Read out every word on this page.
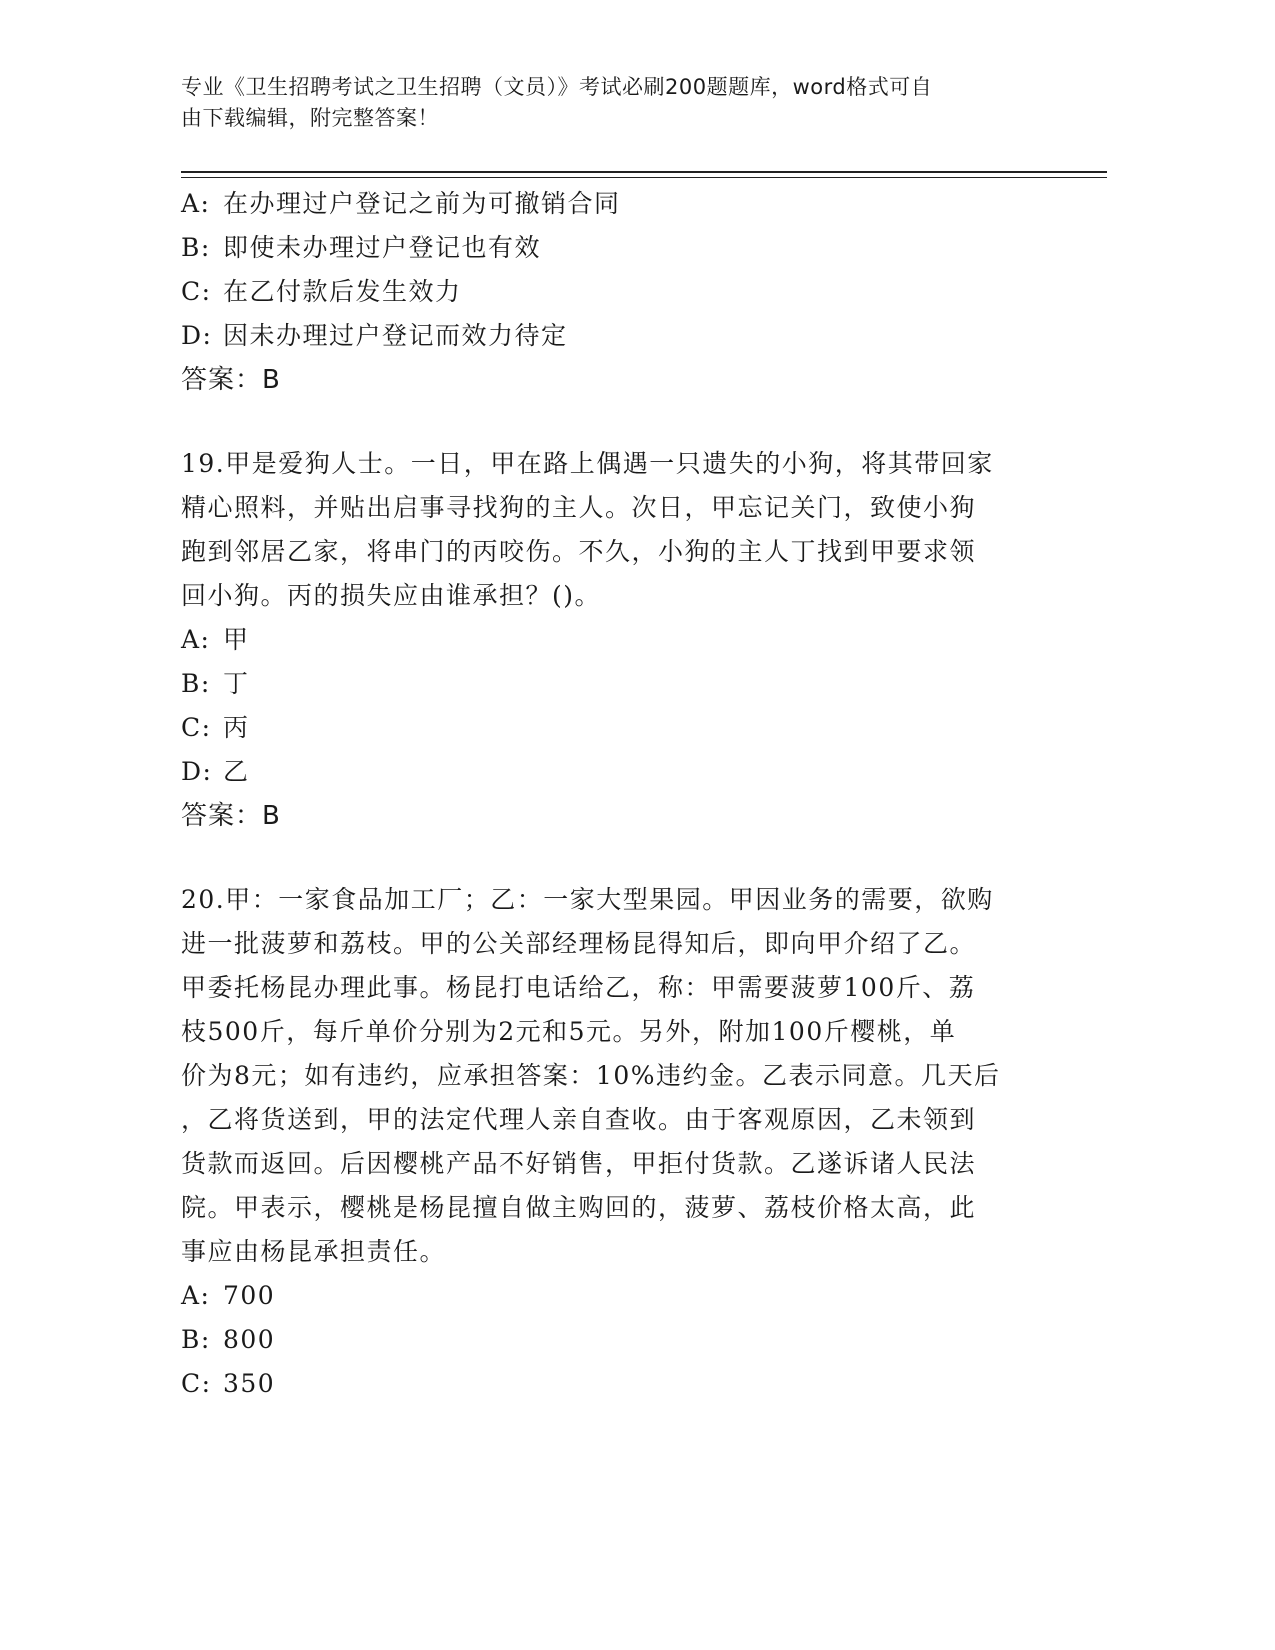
专业《卫生招聘考试之卫生招聘（文员）》考试必刷200题题库，word格式可自
由下载编辑，附完整答案！
A: 在办理过户登记之前为可撤销合同
B: 即使未办理过户登记也有效
C: 在乙付款后发生效力
D: 因未办理过户登记而效力待定
答案：B
19.甲是爱狗人士。一日，甲在路上偶遇一只遗失的小狗，将其带回家
精心照料，并贴出启事寻找狗的主人。次日，甲忘记关门，致使小狗
跑到邻居乙家，将串门的丙咬伤。不久，小狗的主人丁找到甲要求领
回小狗。丙的损失应由谁承担？()。
A: 甲
B: 丁
C: 丙
D: 乙
答案：B
20.甲：一家食品加工厂；乙：一家大型果园。甲因业务的需要，欲购
进一批菠萝和荔枝。甲的公关部经理杨昆得知后，即向甲介绍了乙。
甲委托杨昆办理此事。杨昆打电话给乙，称：甲需要菠萝100斤、荔
枝500斤，每斤单价分别为2元和5元。另外，附加100斤樱桃，单
价为8元；如有违约，应承担答案：10%违约金。乙表示同意。几天后
，乙将货送到，甲的法定代理人亲自查收。由于客观原因，乙未领到
货款而返回。后因樱桃产品不好销售，甲拒付货款。乙遂诉诸人民法
院。甲表示，樱桃是杨昆擅自做主购回的，菠萝、荔枝价格太高，此
事应由杨昆承担责任。
A: 700
B: 800
C: 350
